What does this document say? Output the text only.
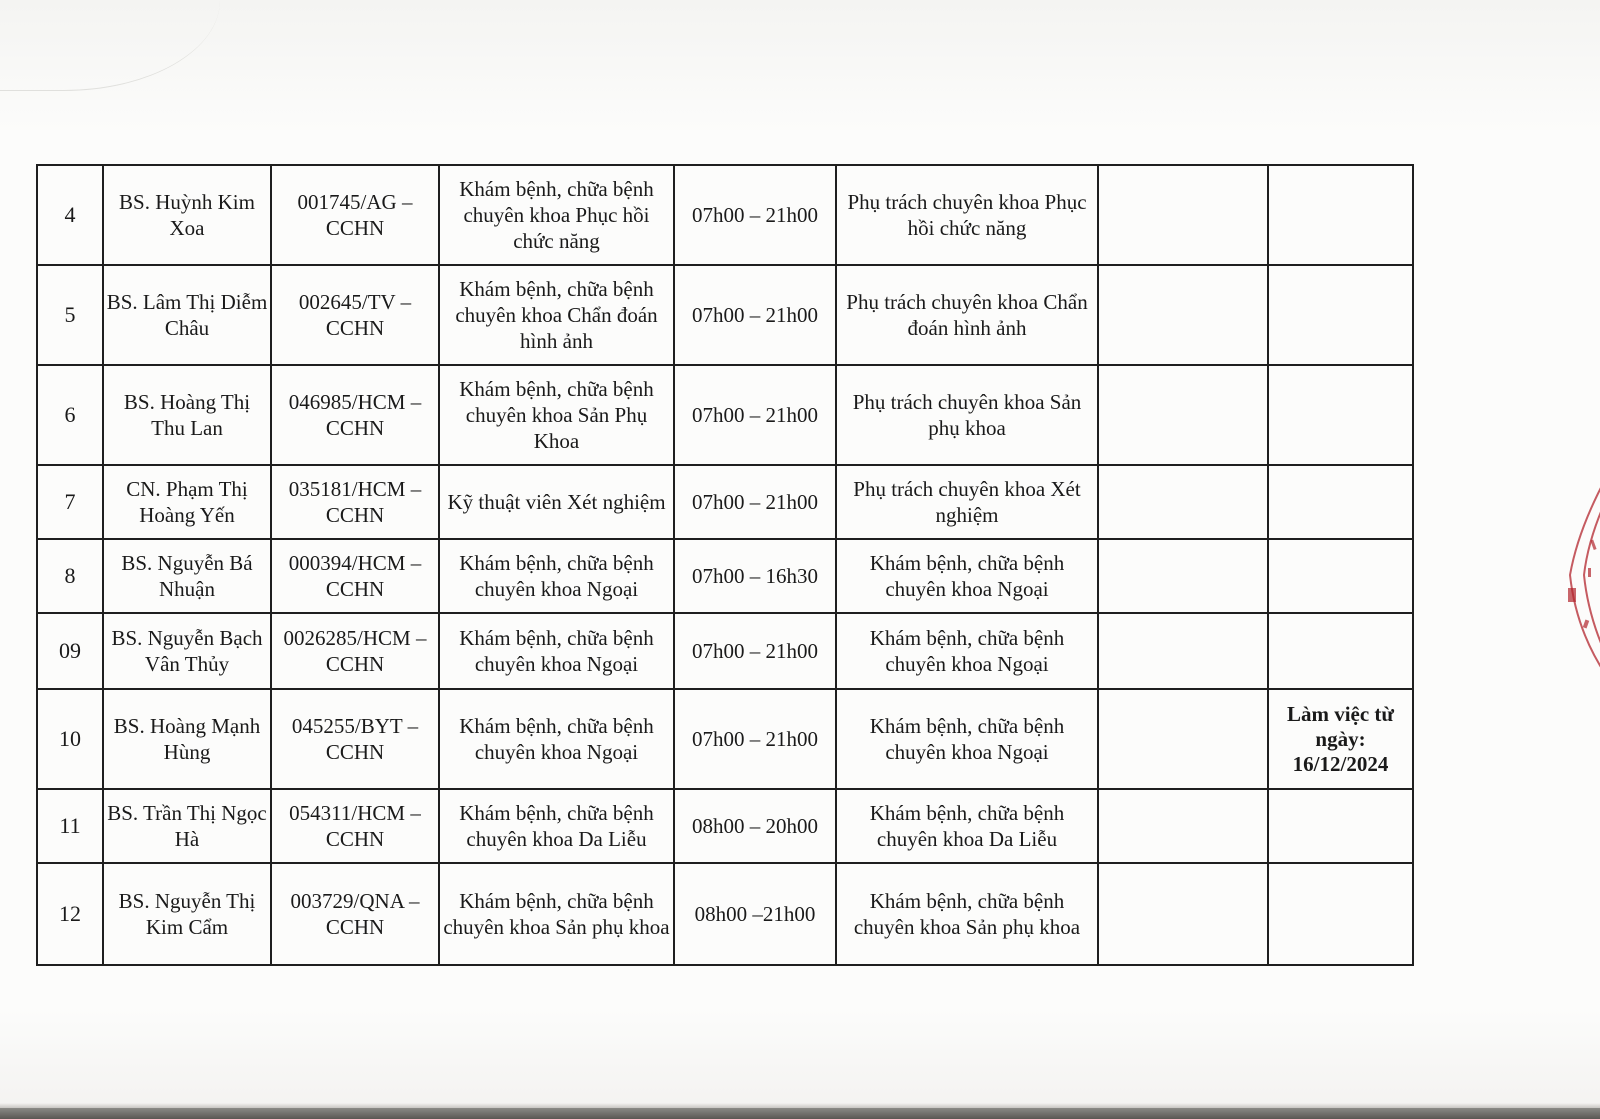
4	BS. Huỳnh Kim Xoa	001745/AG – CCHN	Khám bệnh, chữa bệnh chuyên khoa Phục hồi chức năng	07h00 – 21h00	Phụ trách chuyên khoa Phục hồi chức năng		
5	BS. Lâm Thị Diễm Châu	002645/TV – CCHN	Khám bệnh, chữa bệnh chuyên khoa Chẩn đoán hình ảnh	07h00 – 21h00	Phụ trách chuyên khoa Chẩn đoán hình ảnh		
6	BS. Hoàng Thị Thu Lan	046985/HCM – CCHN	Khám bệnh, chữa bệnh chuyên khoa Sản Phụ Khoa	07h00 – 21h00	Phụ trách chuyên khoa Sản phụ khoa		
7	CN. Phạm Thị Hoàng Yến	035181/HCM – CCHN	Kỹ thuật viên Xét nghiệm	07h00 – 21h00	Phụ trách chuyên khoa Xét nghiệm		
8	BS. Nguyễn Bá Nhuận	000394/HCM – CCHN	Khám bệnh, chữa bệnh chuyên khoa Ngoại	07h00 – 16h30	Khám bệnh, chữa bệnh chuyên khoa Ngoại		
09	BS. Nguyễn Bạch Vân Thủy	0026285/HCM – CCHN	Khám bệnh, chữa bệnh chuyên khoa Ngoại	07h00 – 21h00	Khám bệnh, chữa bệnh chuyên khoa Ngoại		
10	BS. Hoàng Mạnh Hùng	045255/BYT – CCHN	Khám bệnh, chữa bệnh chuyên khoa Ngoại	07h00 – 21h00	Khám bệnh, chữa bệnh chuyên khoa Ngoại		Làm việc từ ngày: 16/12/2024
11	BS. Trần Thị Ngọc Hà	054311/HCM – CCHN	Khám bệnh, chữa bệnh chuyên khoa Da Liễu	08h00 – 20h00	Khám bệnh, chữa bệnh chuyên khoa Da Liễu		
12	BS. Nguyễn Thị Kim Cẩm	003729/QNA – CCHN	Khám bệnh, chữa bệnh chuyên khoa Sản phụ khoa	08h00 –21h00	Khám bệnh, chữa bệnh chuyên khoa Sản phụ khoa		
